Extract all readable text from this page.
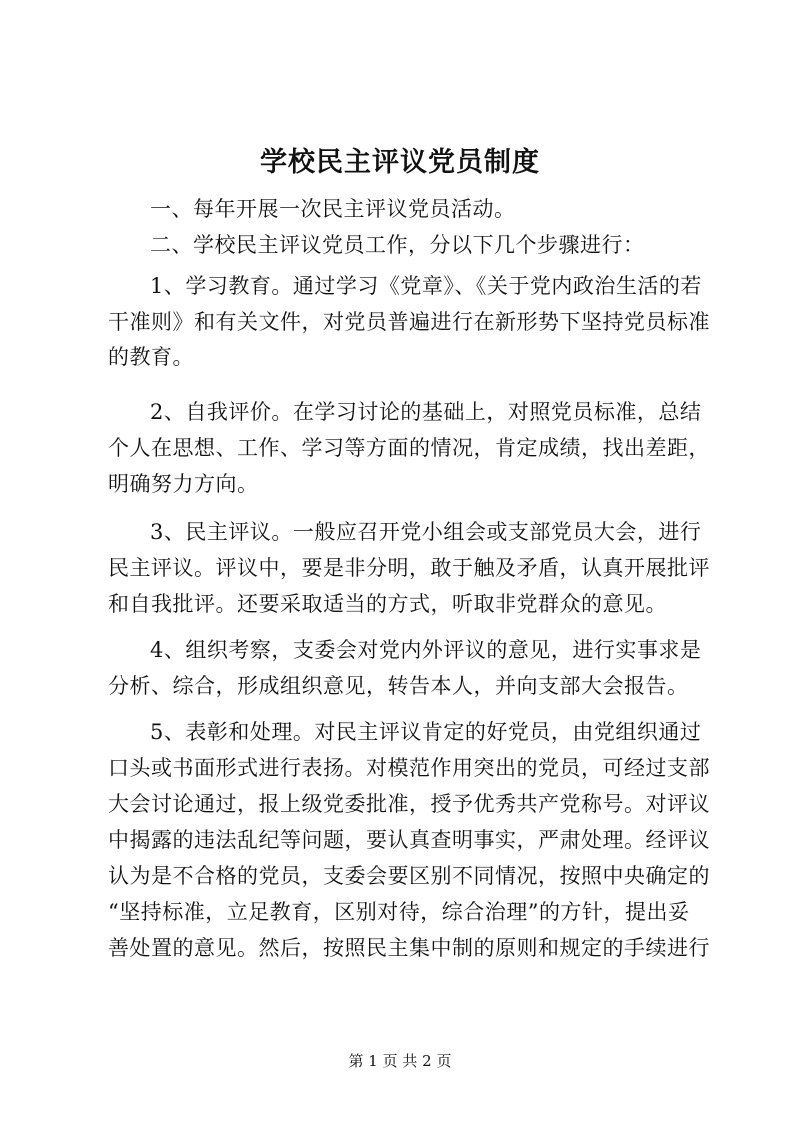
学校民主评议党员制度
一、每年开展一次民主评议党员活动。
二、学校民主评议党员工作，分以下几个步骤进行：
1、学习教育。通过学习《党章》、《关于党内政治生活的若
干准则》和有关文件，对党员普遍进行在新形势下坚持党员标准
的教育。
2、自我评价。在学习讨论的基础上，对照党员标准，总结
个人在思想、工作、学习等方面的情况，肯定成绩，找出差距，
明确努力方向。
3、民主评议。一般应召开党小组会或支部党员大会，进行
民主评议。评议中，要是非分明，敢于触及矛盾，认真开展批评
和自我批评。还要采取适当的方式，听取非党群众的意见。
4、组织考察，支委会对党内外评议的意见，进行实事求是
分析、综合，形成组织意见，转告本人，并向支部大会报告。
5、表彰和处理。对民主评议肯定的好党员，由党组织通过
口头或书面形式进行表扬。对模范作用突出的党员，可经过支部
大会讨论通过，报上级党委批准，授予优秀共产党称号。对评议
中揭露的违法乱纪等问题，要认真查明事实，严肃处理。经评议
认为是不合格的党员，支委会要区别不同情况，按照中央确定的
“坚持标准，立足教育，区别对待，综合治理”的方针，提出妥
善处置的意见。然后，按照民主集中制的原则和规定的手续进行
第 1 页 共 2 页
